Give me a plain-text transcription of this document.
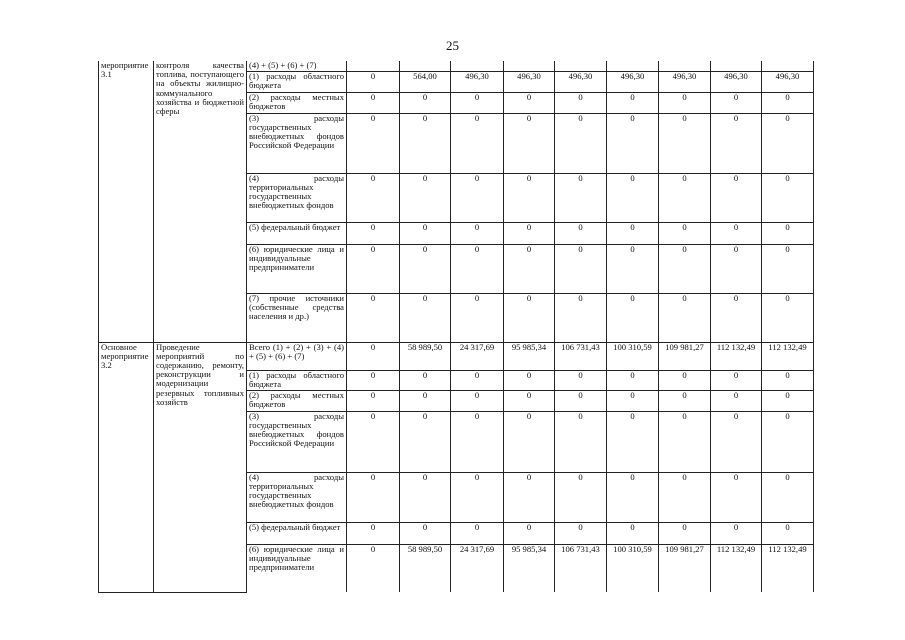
25
мероприятие 3.1	контроля качества топлива, поступающего на объекты жилищно-коммунального хозяйства и бюджетной сферы	(4) + (5) + (6) + (7)									
		(1) расходы областного бюджета	0	564,00	496,30	496,30	496,30	496,30	496,30	496,30	496,30
		(2) расходы местных бюджетов	0	0	0	0	0	0	0	0	0
		(3) расходы государственных внебюджетных фондов Российской Федерации	0	0	0	0	0	0	0	0	0
		(4) расходы территориальных государственных внебюджетных фондов	0	0	0	0	0	0	0	0	0
		(5) федеральный бюджет	0	0	0	0	0	0	0	0	0
		(6) юридические лица и индивидуальные предприниматели	0	0	0	0	0	0	0	0	0
		(7) прочие источники (собственные средства населения и др.)	0	0	0	0	0	0	0	0	0
Основное мероприятие 3.2	Проведение мероприятий по содержанию, ремонту, реконструкции и модернизации резервных топливных хозяйств	Всего (1) + (2) + (3) + (4) + (5) + (6) + (7)	0	58 989,50	24 317,69	95 985,34	106 731,43	100 310,59	109 981,27	112 132,49	112 132,49
		(1) расходы областного бюджета	0	0	0	0	0	0	0	0	0
		(2) расходы местных бюджетов	0	0	0	0	0	0	0	0	0
		(3) расходы государственных внебюджетных фондов Российской Федерации	0	0	0	0	0	0	0	0	0
		(4) расходы территориальных государственных внебюджетных фондов	0	0	0	0	0	0	0	0	0
		(5) федеральный бюджет	0	0	0	0	0	0	0	0	0
		(6) юридические лица и индивидуальные предприниматели	0	58 989,50	24 317,69	95 985,34	106 731,43	100 310,59	109 981,27	112 132,49	112 132,49
